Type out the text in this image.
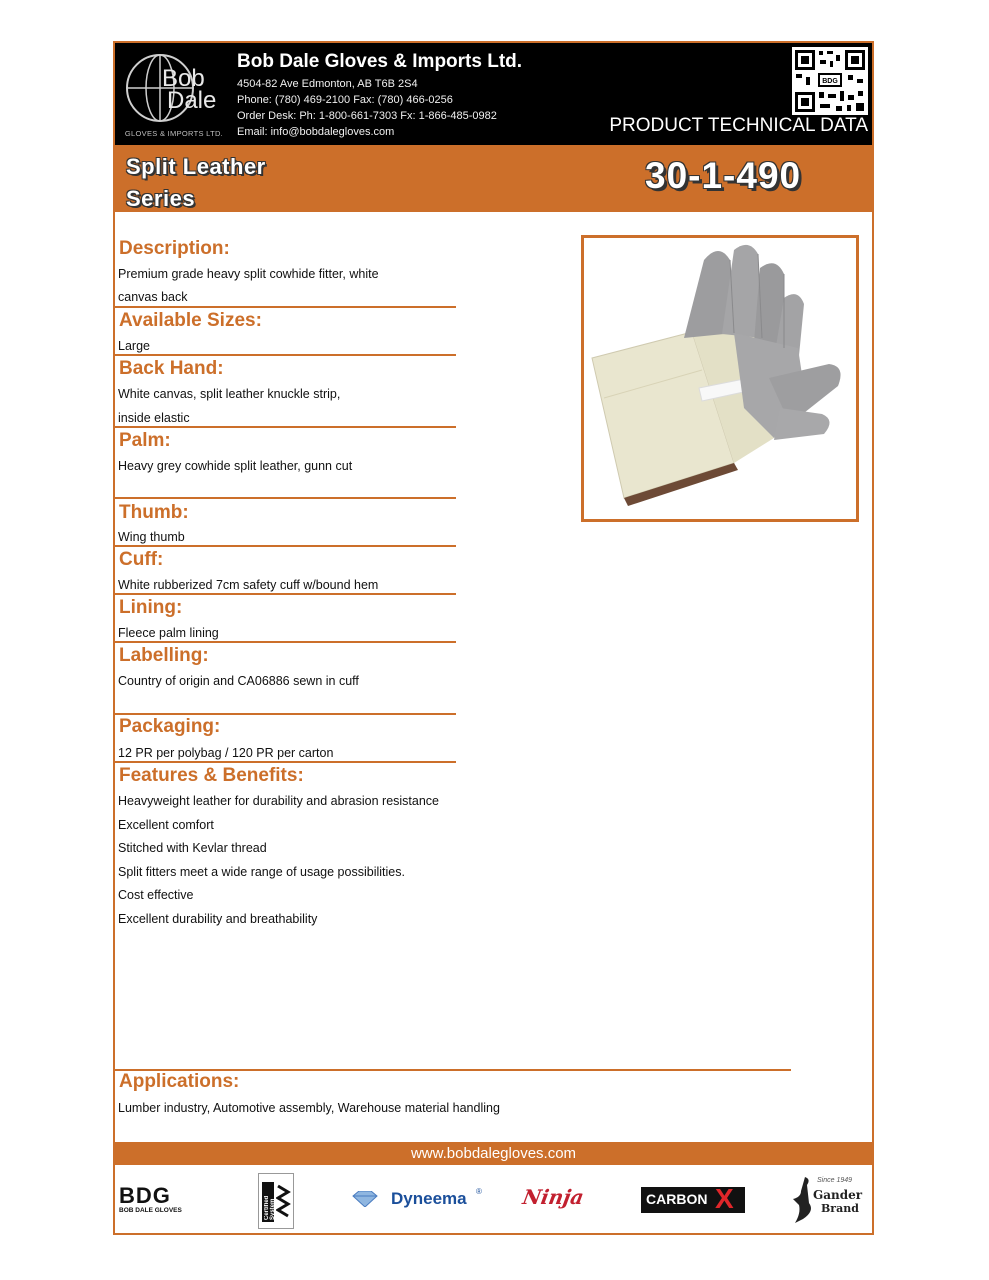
Bob
Dale
GLOVES & IMPORTS LTD.
Bob Dale Gloves & Imports Ltd.
4504-82 Ave Edmonton, AB T6B 2S4
Phone: (780) 469-2100 Fax: (780) 466-0256
Order Desk: Ph: 1-800-661-7303 Fx: 1-866-485-0982
Email: info@bobdalegloves.com
BDG
PRODUCT TECHNICAL DATA
Split Leather
Series
30-1-490
Description:
Premium grade heavy split cowhide fitter, white
canvas back
Available Sizes:
Large
Back Hand:
White canvas, split leather knuckle strip,
inside elastic
Palm:
Heavy grey cowhide split leather, gunn cut
Thumb:
Wing thumb
Cuff:
White rubberized 7cm safety cuff w/bound hem
Lining:
Fleece palm lining
Labelling:
Country of origin and CA06886 sewn in cuff
Packaging:
12 PR per polybag / 120 PR per carton
Features & Benefits:
Heavyweight leather for durability and abrasion resistance
Excellent comfort
Stitched with Kevlar thread
Split fitters meet a wide range of usage possibilities.
Cost effective
Excellent durability and breathability
Applications:
Lumber industry, Automotive assembly, Warehouse material handling
www.bobdalegloves.com
BDG
BOB DALE GLOVES	Certified System
Dyneema ® Ninja	CARBON X
Since 1949
Gander
Brand
